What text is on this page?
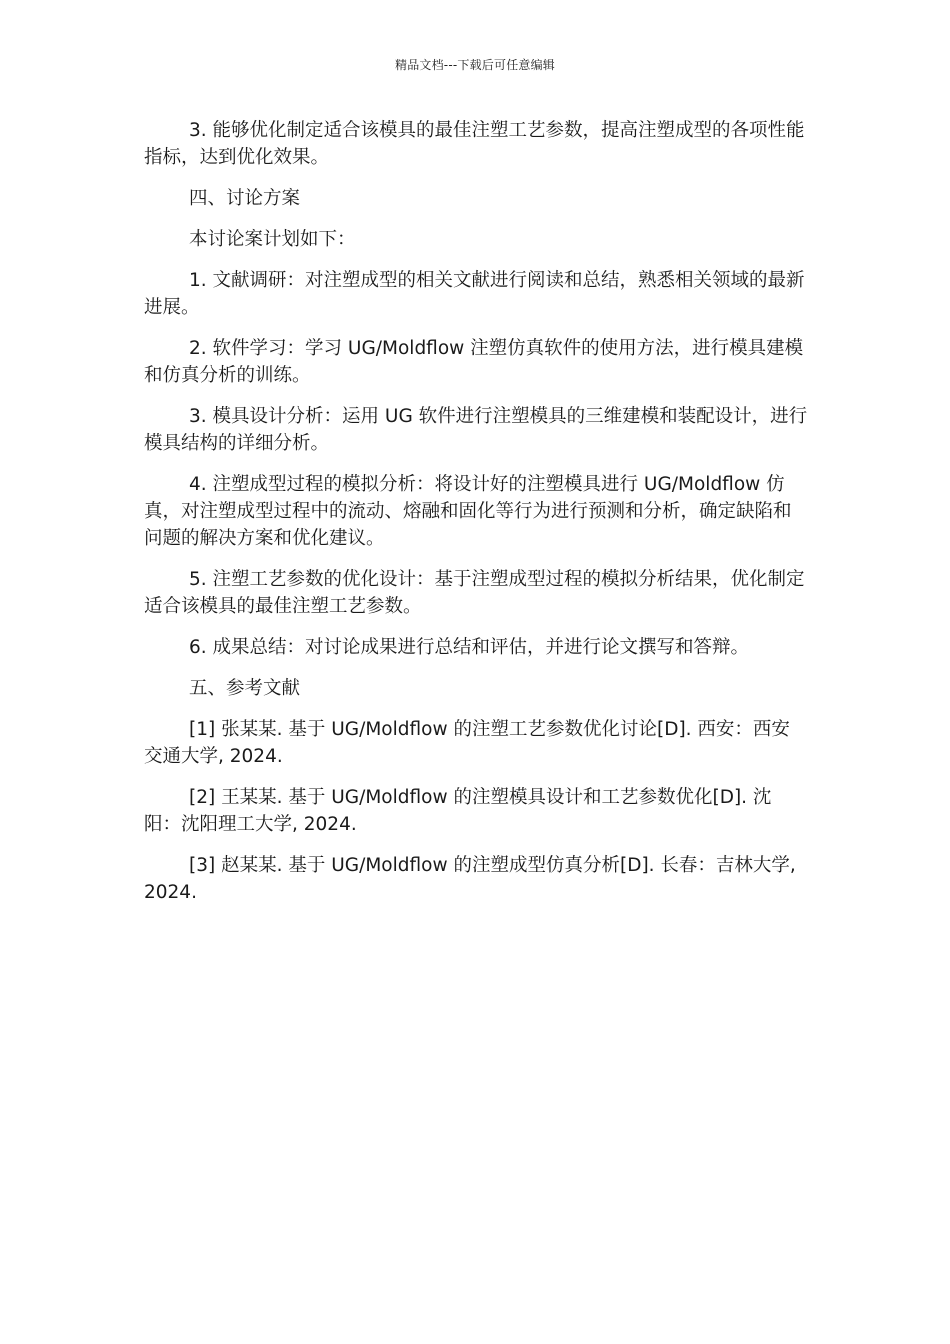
精品文档---下载后可任意编辑

3. 能够优化制定适合该模具的最佳注塑工艺参数，提高注塑成型的各项性能指标，达到优化效果。

四、讨论方案

本讨论案计划如下：

1. 文献调研：对注塑成型的相关文献进行阅读和总结，熟悉相关领域的最新进展。

2. 软件学习：学习 UG/Moldflow 注塑仿真软件的使用方法，进行模具建模和仿真分析的训练。

3. 模具设计分析：运用 UG 软件进行注塑模具的三维建模和装配设计，进行模具结构的详细分析。

4. 注塑成型过程的模拟分析：将设计好的注塑模具进行 UG/Moldflow 仿真，对注塑成型过程中的流动、熔融和固化等行为进行预测和分析，确定缺陷和问题的解决方案和优化建议。

5. 注塑工艺参数的优化设计：基于注塑成型过程的模拟分析结果，优化制定适合该模具的最佳注塑工艺参数。

6. 成果总结：对讨论成果进行总结和评估，并进行论文撰写和答辩。

五、参考文献

[1] 张某某. 基于 UG/Moldflow 的注塑工艺参数优化讨论[D]. 西安：西安交通大学, 2024.

[2] 王某某. 基于 UG/Moldflow 的注塑模具设计和工艺参数优化[D]. 沈阳：沈阳理工大学, 2024.

[3] 赵某某. 基于 UG/Moldflow 的注塑成型仿真分析[D]. 长春：吉林大学, 2024.
